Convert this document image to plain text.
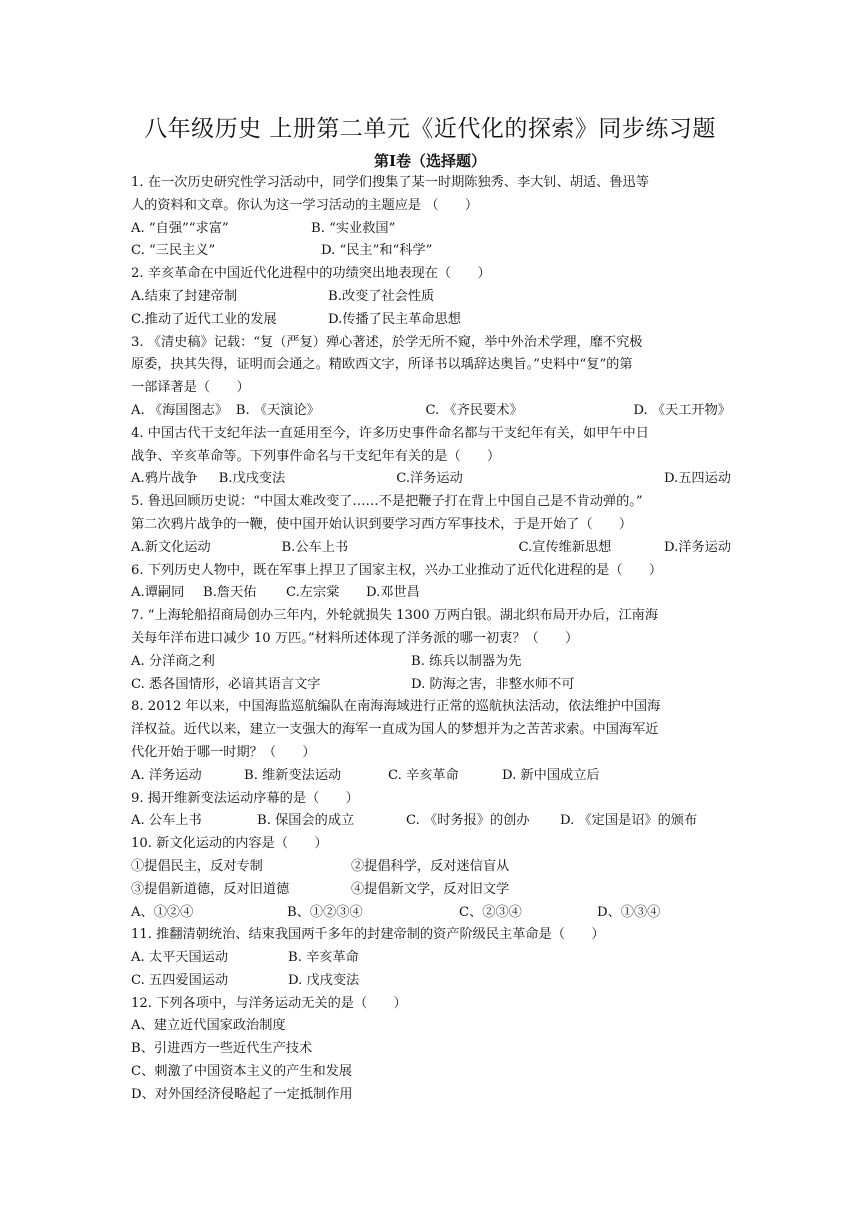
八年级历史 上册第二单元《近代化的探索》同步练习题
第Ⅰ卷（选择题）
1. 在一次历史研究性学习活动中，同学们搜集了某一时期陈独秀、李大钊、胡适、鲁迅等
人的资料和文章。你认为这一学习活动的主题应是 （　　）
A. “自强”“求富”	B. “实业救国”
C. “三民主义”	D. “民主”和“科学”
2. 辛亥革命在中国近代化进程中的功绩突出地表现在（　　）
A.结束了封建帝制	B.改变了社会性质
C.推动了近代工业的发展	D.传播了民主革命思想
3. 《清史稿》记载：“复（严复）殚心著述，於学无所不窥，举中外治术学理，靡不究极
原委，抉其失得，证明而会通之。精欧西文字，所译书以瑀辞达奥旨。”史料中“复”的第
一部译著是（　　）
A. 《海国图志》 B. 《天演论》	C. 《齐民要术》	D. 《天工开物》
4. 中国古代干支纪年法一直延用至今，许多历史事件命名都与干支纪年有关，如甲午中日
战争、辛亥革命等。下列事件命名与干支纪年有关的是（　　）
A.鸦片战争	B.戊戌变法	C.洋务运动	D.五四运动
5. 鲁迅回顾历史说：“中国太难改变了……不是把鞭子打在背上中国自己是不肯动弹的。”
第二次鸦片战争的一鞭，使中国开始认识到要学习西方军事技术，于是开始了（　　）
A.新文化运动	B.公车上书	C.宣传维新思想	D.洋务运动
6. 下列历史人物中，既在军事上捍卫了国家主权，兴办工业推动了近代化进程的是（　　）
A.谭嗣同	B.詹天佑	C.左宗棠	D.邓世昌
7. “上海轮船招商局创办三年内，外轮就损失 1300 万两白银。湖北织布局开办后，江南海
关每年洋布进口减少 10 万匹。”材料所述体现了洋务派的哪一初衷？（　　）
A. 分洋商之利	B. 练兵以制器为先
C. 悉各国情形，必谙其语言文字	D. 防海之害，非整水师不可
8. 2012 年以来，中国海监巡航编队在南海海域进行正常的巡航执法活动，依法维护中国海
洋权益。近代以来，建立一支强大的海军一直成为国人的梦想并为之苦苦求索。中国海军近
代化开始于哪一时期？（　　）
A. 洋务运动	B. 维新变法运动	C. 辛亥革命	D. 新中国成立后
9. 揭开维新变法运动序幕的是（　　）
A. 公车上书	B. 保国会的成立	C. 《时务报》的创办	D. 《定国是诏》的颁布
10. 新文化运动的内容是（　　）
①提倡民主，反对专制	②提倡科学，反对迷信盲从
③提倡新道德，反对旧道德	④提倡新文学，反对旧文学
A、①②④	B、①②③④	C、②③④	D、①③④
11. 推翻清朝统治、结束我国两千多年的封建帝制的资产阶级民主革命是（　　）
A. 太平天国运动	B. 辛亥革命
C. 五四爱国运动	D. 戊戌变法
12. 下列各项中，与洋务运动无关的是（　　）
A、建立近代国家政治制度
B、引进西方一些近代生产技术
C、刺激了中国资本主义的产生和发展
D、对外国经济侵略起了一定抵制作用
